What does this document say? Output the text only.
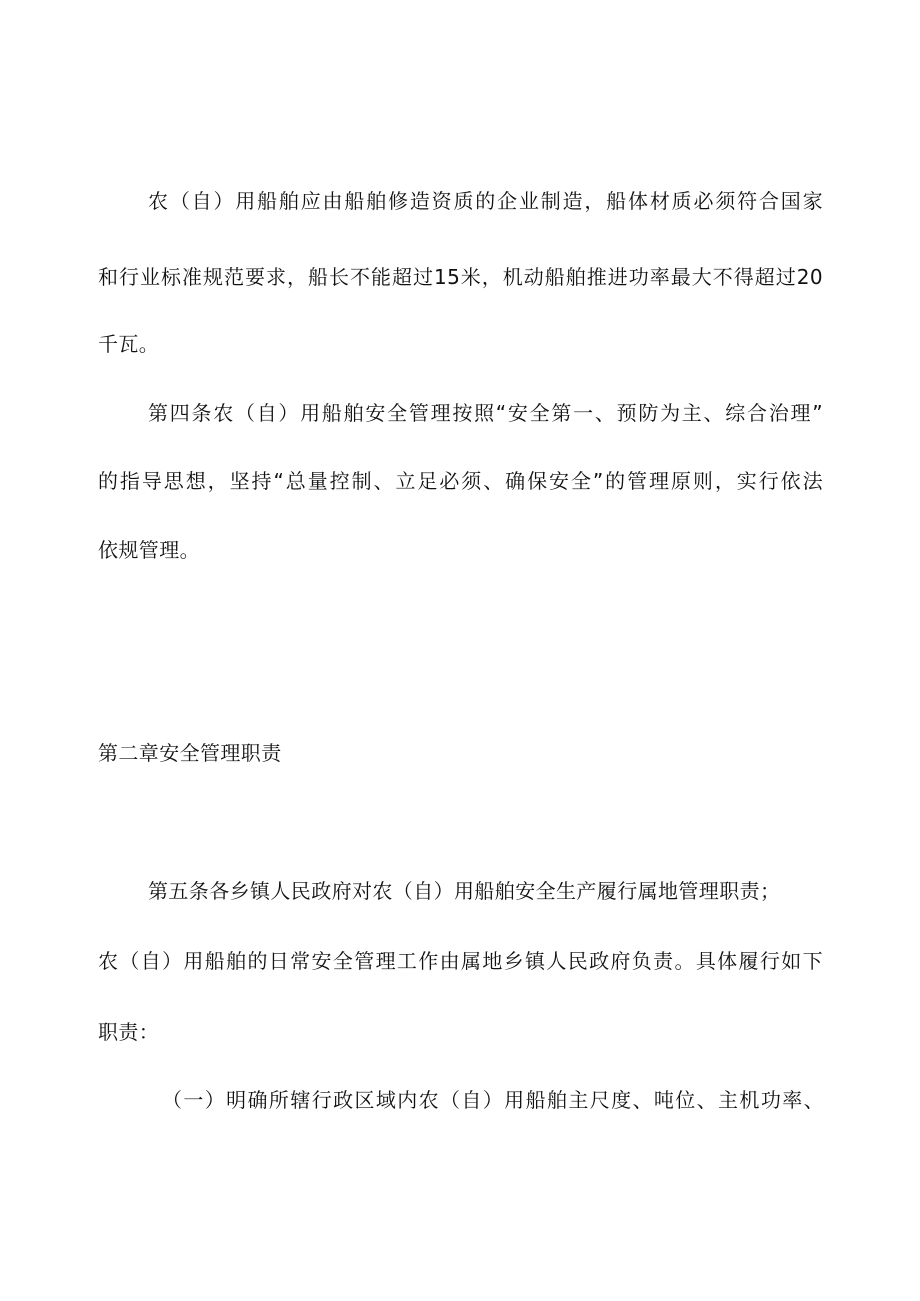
农（自）用船舶应由船舶修造资质的企业制造，船体材质必须符合国家
和行业标准规范要求，船长不能超过15米，机动船舶推进功率最大不得超过20
千瓦。
第四条农（自）用船舶安全管理按照“安全第一、预防为主、综合治理”
的指导思想，坚持“总量控制、立足必须、确保安全”的管理原则，实行依法
依规管理。
第二章安全管理职责
第五条各乡镇人民政府对农（自）用船舶安全生产履行属地管理职责；
农（自）用船舶的日常安全管理工作由属地乡镇人民政府负责。具体履行如下
职责：
（一）明确所辖行政区域内农（自）用船舶主尺度、吨位、主机功率、
